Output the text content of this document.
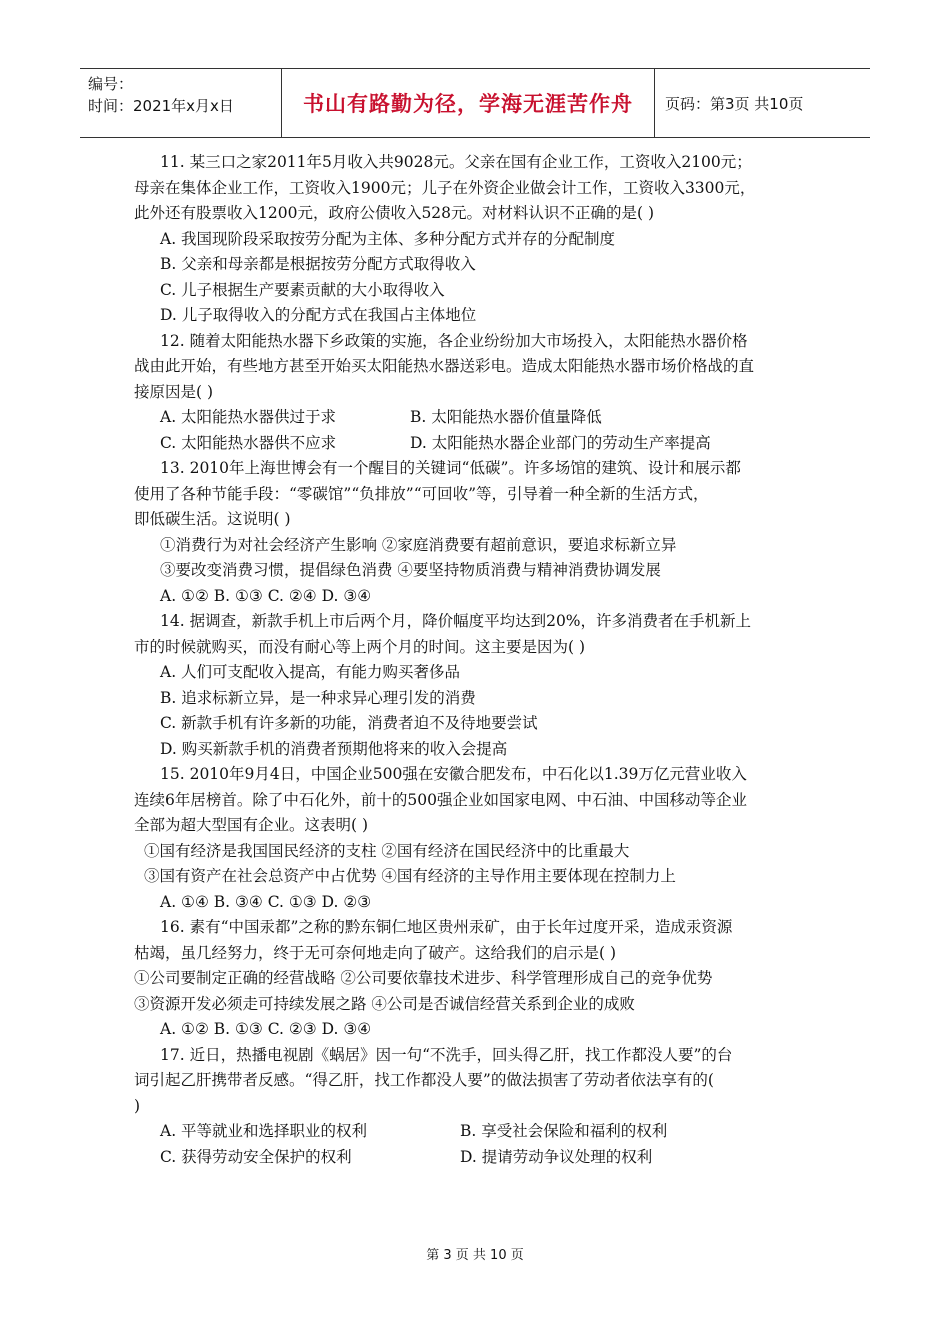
编号：
时间：2021年x月x日	书山有路勤为径，学海无涯苦作舟	页码：第3页 共10页
11. 某三口之家2011年5月收入共9028元。父亲在国有企业工作，工资收入2100元；
母亲在集体企业工作，工资收入1900元；儿子在外资企业做会计工作，工资收入3300元，
此外还有股票收入1200元，政府公债收入528元。对材料认识不正确的是( )
A. 我国现阶段采取按劳分配为主体、多种分配方式并存的分配制度
B. 父亲和母亲都是根据按劳分配方式取得收入
C. 儿子根据生产要素贡献的大小取得收入
D. 儿子取得收入的分配方式在我国占主体地位
12. 随着太阳能热水器下乡政策的实施，各企业纷纷加大市场投入，太阳能热水器价格
战由此开始，有些地方甚至开始买太阳能热水器送彩电。造成太阳能热水器市场价格战的直
接原因是( )
A. 太阳能热水器供过于求	B. 太阳能热水器价值量降低
C. 太阳能热水器供不应求	D. 太阳能热水器企业部门的劳动生产率提高
13. 2010年上海世博会有一个醒目的关键词“低碳”。许多场馆的建筑、设计和展示都
使用了各种节能手段：“零碳馆”“负排放”“可回收”等，引导着一种全新的生活方式，
即低碳生活。这说明( )
①消费行为对社会经济产生影响 ②家庭消费要有超前意识，要追求标新立异
③要改变消费习惯，提倡绿色消费 ④要坚持物质消费与精神消费协调发展
A. ①② B. ①③ C. ②④ D. ③④
14. 据调查，新款手机上市后两个月，降价幅度平均达到20%，许多消费者在手机新上
市的时候就购买，而没有耐心等上两个月的时间。这主要是因为( )
A. 人们可支配收入提高，有能力购买奢侈品
B. 追求标新立异，是一种求异心理引发的消费
C. 新款手机有许多新的功能，消费者迫不及待地要尝试
D. 购买新款手机的消费者预期他将来的收入会提高
15. 2010年9月4日，中国企业500强在安徽合肥发布，中石化以1.39万亿元营业收入
连续6年居榜首。除了中石化外，前十的500强企业如国家电网、中石油、中国移动等企业
全部为超大型国有企业。这表明( )
①国有经济是我国国民经济的支柱 ②国有经济在国民经济中的比重最大
③国有资产在社会总资产中占优势 ④国有经济的主导作用主要体现在控制力上
A. ①④ B. ③④ C. ①③ D. ②③
16. 素有“中国汞都”之称的黔东铜仁地区贵州汞矿，由于长年过度开采，造成汞资源
枯竭，虽几经努力，终于无可奈何地走向了破产。这给我们的启示是( )
①公司要制定正确的经营战略 ②公司要依靠技术进步、科学管理形成自己的竞争优势
③资源开发必须走可持续发展之路 ④公司是否诚信经营关系到企业的成败
A. ①② B. ①③ C. ②③ D. ③④
17. 近日，热播电视剧《蜗居》因一句“不洗手，回头得乙肝，找工作都没人要”的台
词引起乙肝携带者反感。“得乙肝，找工作都没人要”的做法损害了劳动者依法享有的(
)
A. 平等就业和选择职业的权利	B. 享受社会保险和福利的权利
C. 获得劳动安全保护的权利	D. 提请劳动争议处理的权利
第 3 页 共 10 页
